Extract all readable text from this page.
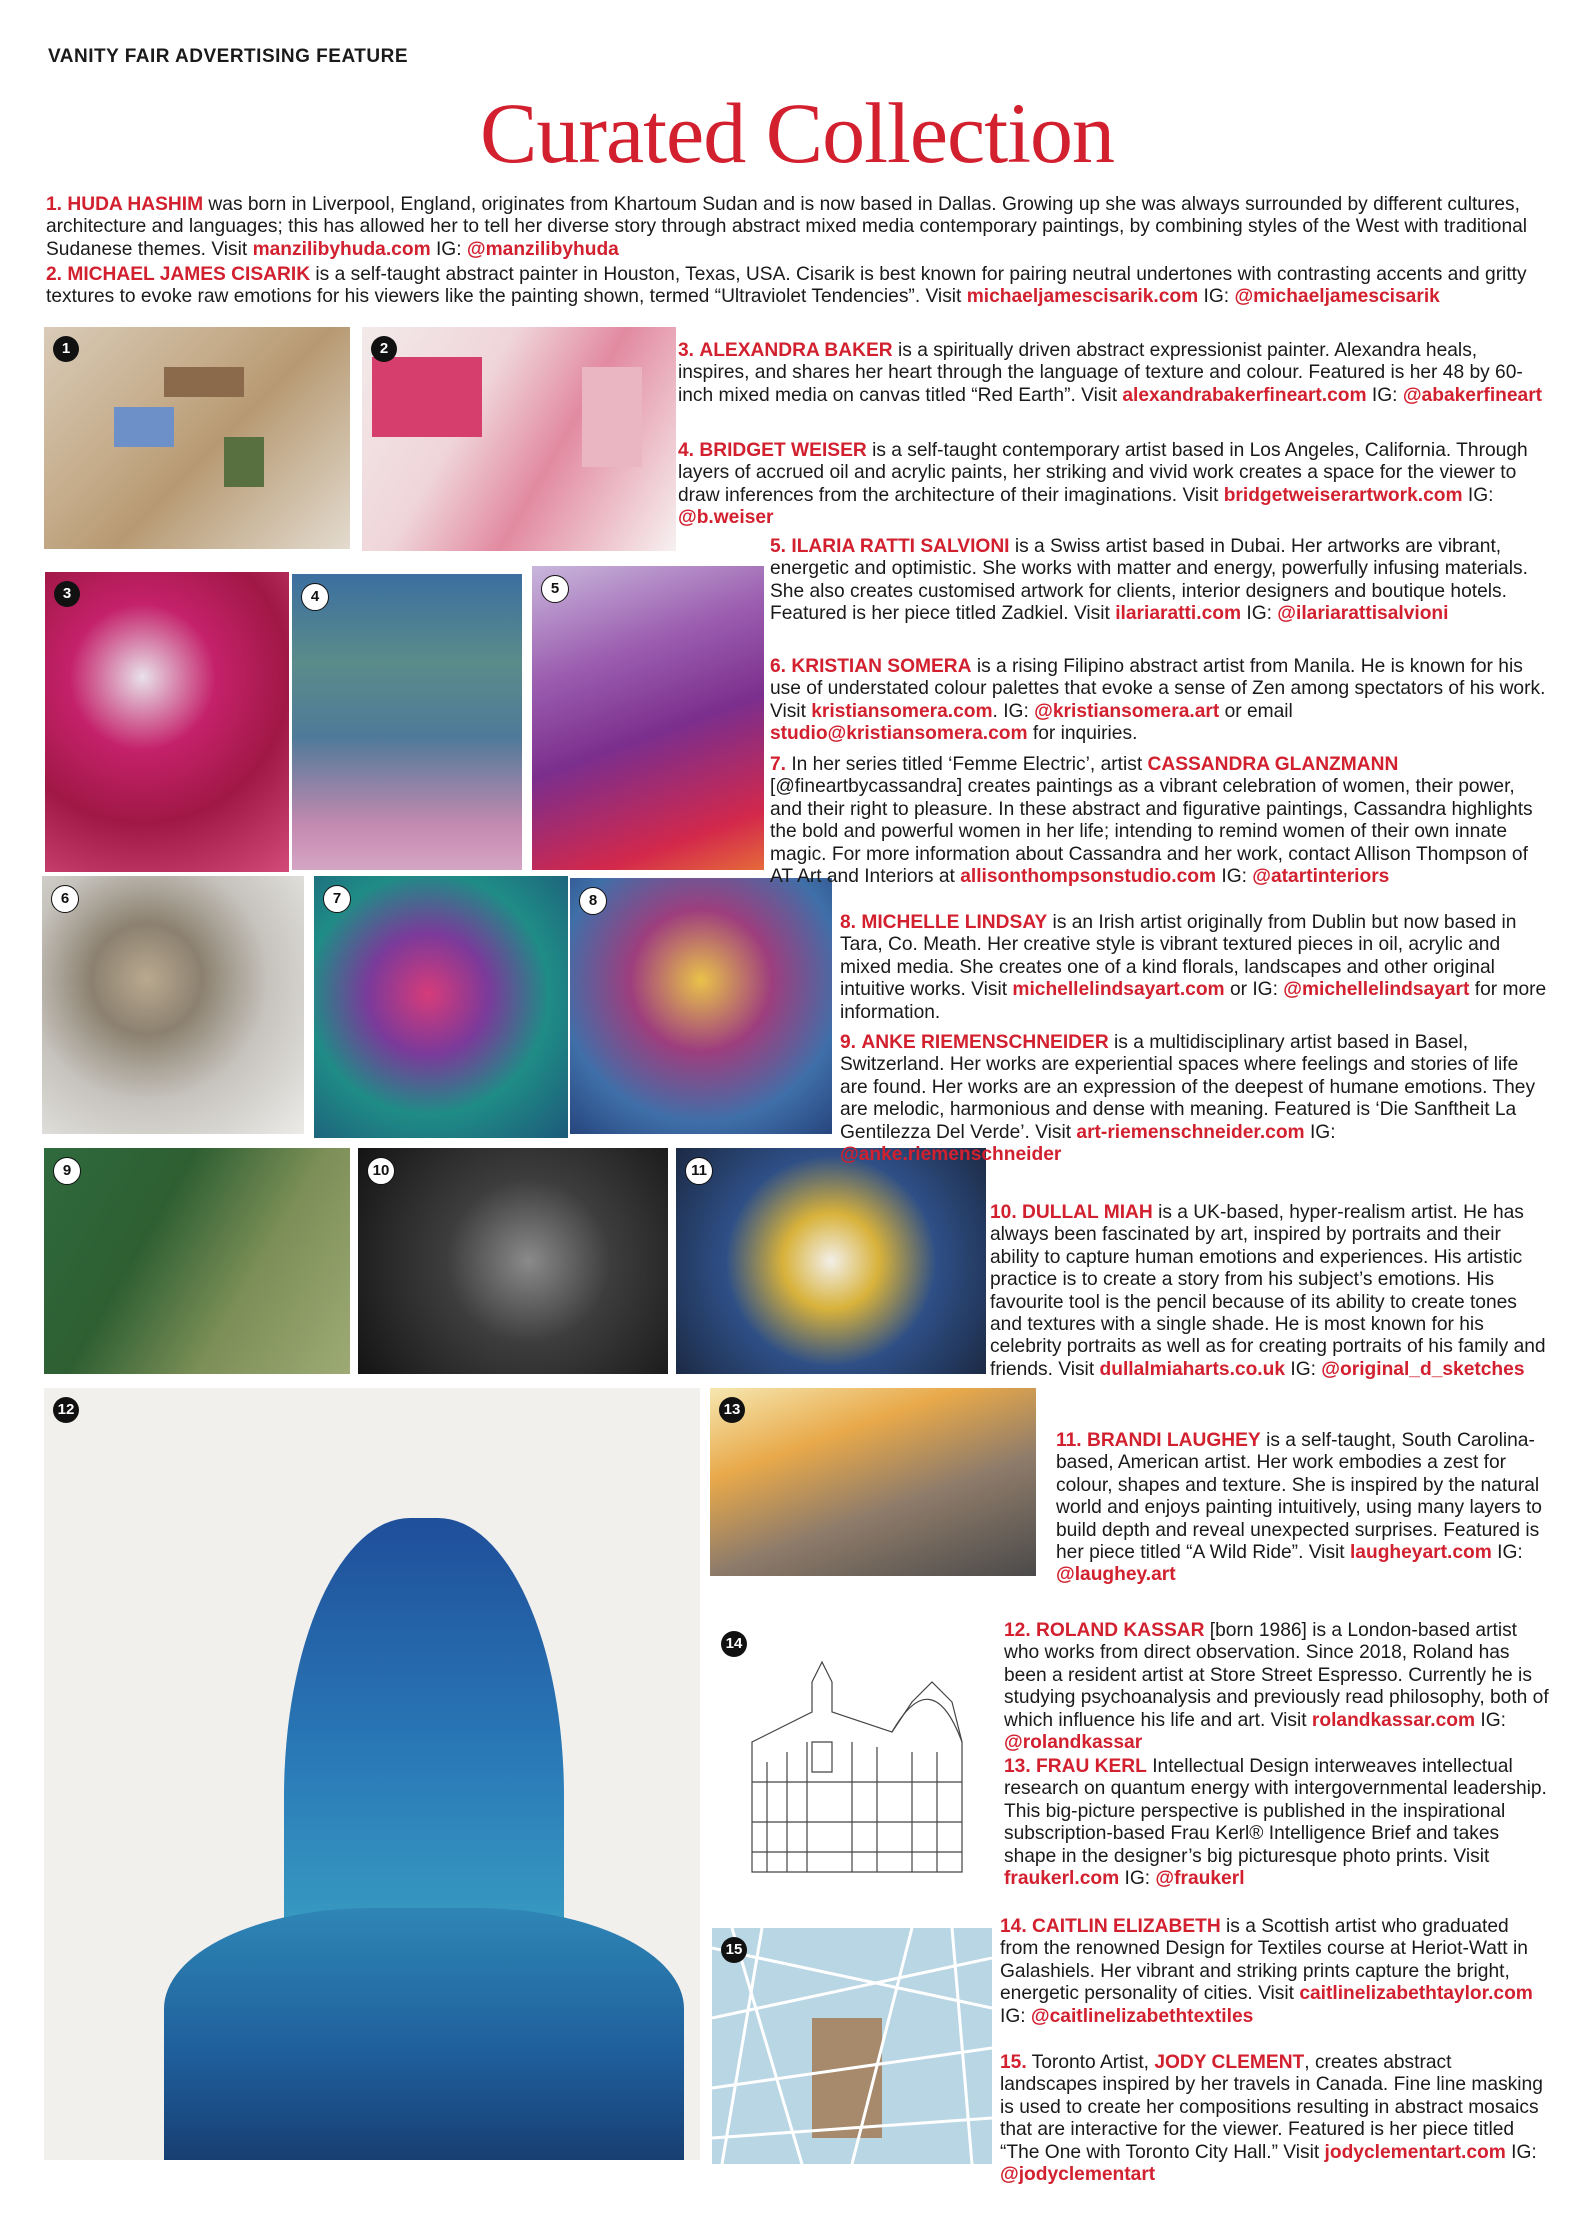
VANITY FAIR ADVERTISING FEATURE
Curated Collection
1	2
3	4	5
6	7	8
9	10	11
12	13
14
15

1. HUDA HASHIM was born in Liverpool, England, originates from Khartoum Sudan and is now based in Dallas. Growing up she was always surrounded by different cultures, architecture and languages; this has allowed her to tell her diverse story through abstract mixed media contemporary paintings, by combining styles of the West with traditional Sudanese themes. Visit manzilibyhuda.com IG: @manzilibyhuda

2. MICHAEL JAMES CISARIK is a self-taught abstract painter in Houston, Texas, USA. Cisarik is best known for pairing neutral undertones with contrasting accents and gritty textures to evoke raw emotions for his viewers like the painting shown, termed “Ultraviolet Tendencies”. Visit michaeljamescisarik.com IG: @michaeljamescisarik

3. ALEXANDRA BAKER is a spiritually driven abstract expressionist painter. Alexandra heals, inspires, and shares her heart through the language of texture and colour. Featured is her 48 by 60-inch mixed media on canvas titled “Red Earth”. Visit alexandrabakerfineart.com IG: @abakerfineart

4. BRIDGET WEISER is a self-taught contemporary artist based in Los Angeles, California. Through layers of accrued oil and acrylic paints, her striking and vivid work creates a space for the viewer to draw inferences from the architecture of their imaginations. Visit bridgetweiserartwork.com IG: @b.weiser

5. ILARIA RATTI SALVIONI is a Swiss artist based in Dubai. Her artworks are vibrant, energetic and optimistic. She works with matter and energy, powerfully infusing materials. She also creates customised artwork for clients, interior designers and boutique hotels. Featured is her piece titled Zadkiel. Visit ilariaratti.com IG: @ilariarattisalvioni

6. KRISTIAN SOMERA is a rising Filipino abstract artist from Manila. He is known for his use of understated colour palettes that evoke a sense of Zen among spectators of his work. Visit kristiansomera.com. IG: @kristiansomera.art or email studio@kristiansomera.com for inquiries.

7. In her series titled ‘Femme Electric’, artist CASSANDRA GLANZMANN [@fineartbycassandra] creates paintings as a vibrant celebration of women, their power, and their right to pleasure. In these abstract and figurative paintings, Cassandra highlights the bold and powerful women in her life; intending to remind women of their own innate magic. For more information about Cassandra and her work, contact Allison Thompson of AT Art and Interiors at allisonthompsonstudio.com IG: @atartinteriors

8. MICHELLE LINDSAY is an Irish artist originally from Dublin but now based in Tara, Co. Meath. Her creative style is vibrant textured pieces in oil, acrylic and mixed media. She creates one of a kind florals, landscapes and other original intuitive works. Visit michellelindsayart.com or IG: @michellelindsayart for more information.

9. ANKE RIEMENSCHNEIDER is a multidisciplinary artist based in Basel, Switzerland. Her works are experiential spaces where feelings and stories of life are found. Her works are an expression of the deepest of humane emotions. They are melodic, harmonious and dense with meaning. Featured is ‘Die Sanftheit La Gentilezza Del Verde’. Visit art-riemenschneider.com IG: @anke.riemenschneider

10. DULLAL MIAH is a UK-based, hyper-realism artist. He has always been fascinated by art, inspired by portraits and their ability to capture human emotions and experiences. His artistic practice is to create a story from his subject’s emotions. His favourite tool is the pencil because of its ability to create tones and textures with a single shade. He is most known for his celebrity portraits as well as for creating portraits of his family and friends. Visit dullalmiaharts.co.uk IG: @original_d_sketches

11. BRANDI LAUGHEY is a self-taught, South Carolina-based, American artist. Her work embodies a zest for colour, shapes and texture. She is inspired by the natural world and enjoys painting intuitively, using many layers to build depth and reveal unexpected surprises. Featured is her piece titled “A Wild Ride”. Visit laugheyart.com IG: @laughey.art

12. ROLAND KASSAR [born 1986] is a London-based artist who works from direct observation. Since 2018, Roland has been a resident artist at Store Street Espresso. Currently he is studying psychoanalysis and previously read philosophy, both of which influence his life and art. Visit rolandkassar.com IG: @rolandkassar

13. FRAU KERL Intellectual Design interweaves intellectual research on quantum energy with intergovernmental leadership. This big-picture perspective is published in the inspirational subscription-based Frau Kerl® Intelligence Brief and takes shape in the designer’s big picturesque photo prints. Visit fraukerl.com IG: @fraukerl

14. CAITLIN ELIZABETH is a Scottish artist who graduated from the renowned Design for Textiles course at Heriot-Watt in Galashiels. Her vibrant and striking prints capture the bright, energetic personality of cities. Visit caitlinelizabethtaylor.com IG: @caitlinelizabethtextiles

15. Toronto Artist, JODY CLEMENT, creates abstract landscapes inspired by her travels in Canada. Fine line masking is used to create her compositions resulting in abstract mosaics that are interactive for the viewer. Featured is her piece titled “The One with Toronto City Hall.” Visit jodyclementart.com IG: @jodyclementart
